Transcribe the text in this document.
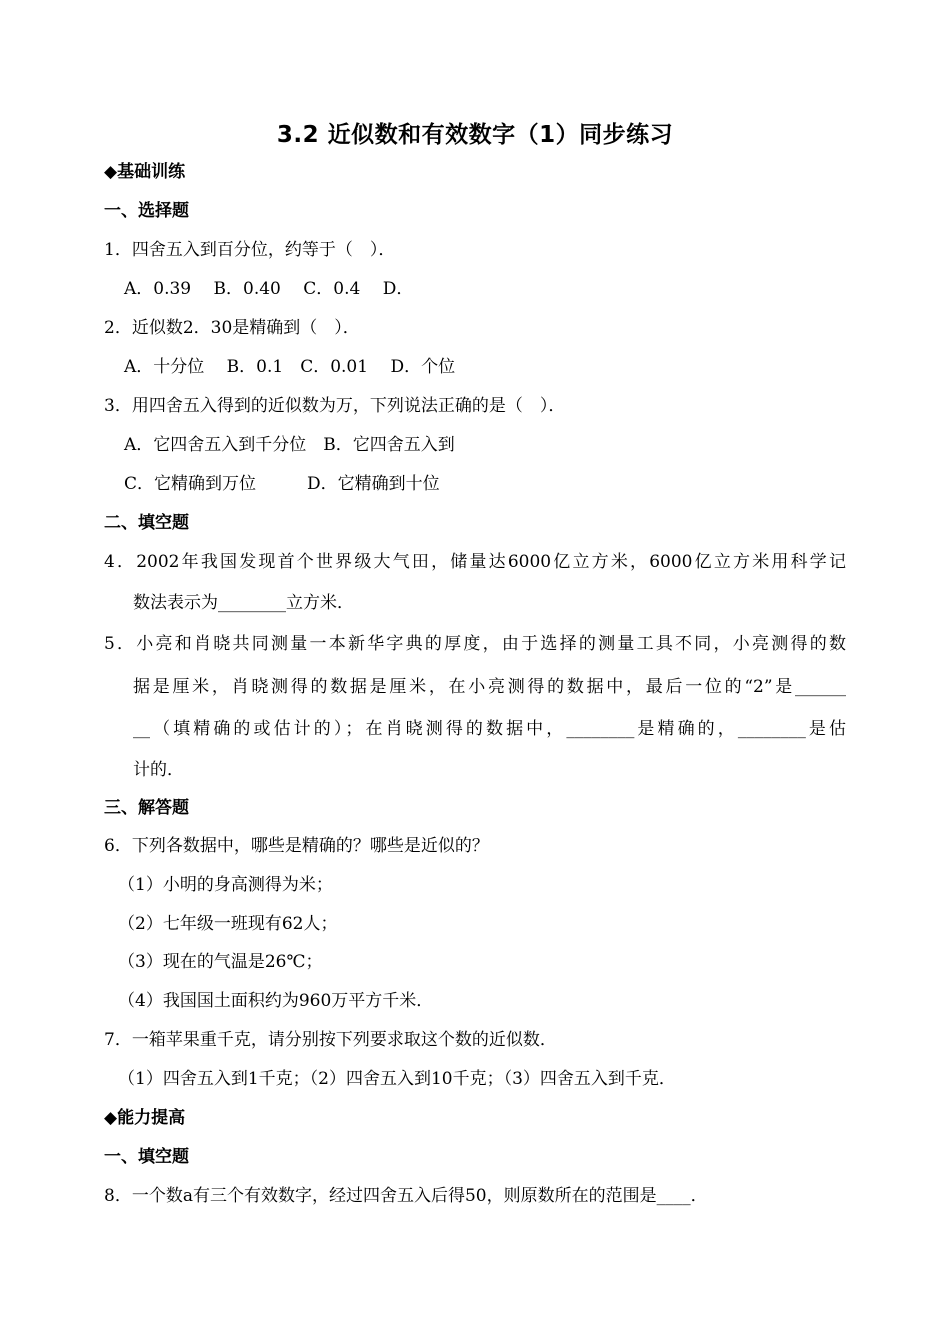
3.2 近似数和有效数字（1）同步练习
◆基础训练
一、选择题
1．四舍五入到百分位，约等于（　）．
A．0.39　 B．0.40　 C．0.4　 D．
2．近似数2．30是精确到（　）．
A．十分位　 B．0.1　C．0.01　 D．个位
3．用四舍五入得到的近似数为万，下列说法正确的是（　）．
A．它四舍五入到千分位　B．它四舍五入到
C．它精确到万位　　　D．它精确到十位
二、填空题
4．2002年我国发现首个世界级大气田，储量达6000亿立方米，6000亿立方米用科学记
数法表示为________立方米．
5．小亮和肖晓共同测量一本新华字典的厚度，由于选择的测量工具不同，小亮测得的数
据是厘米，肖晓测得的数据是厘米，在小亮测得的数据中，最后一位的“2”是______
__（填精确的或估计的）；在肖晓测得的数据中，________是精确的，________是估
计的．
三、解答题
6．下列各数据中，哪些是精确的？哪些是近似的？
（1）小明的身高测得为米；
（2）七年级一班现有62人；
（3）现在的气温是26℃；
（4）我国国土面积约为960万平方千米．
7．一箱苹果重千克，请分别按下列要求取这个数的近似数．
（1）四舍五入到1千克；（2）四舍五入到10千克；（3）四舍五入到千克．
◆能力提高
一、填空题
8．一个数a有三个有效数字，经过四舍五入后得50，则原数所在的范围是____．
